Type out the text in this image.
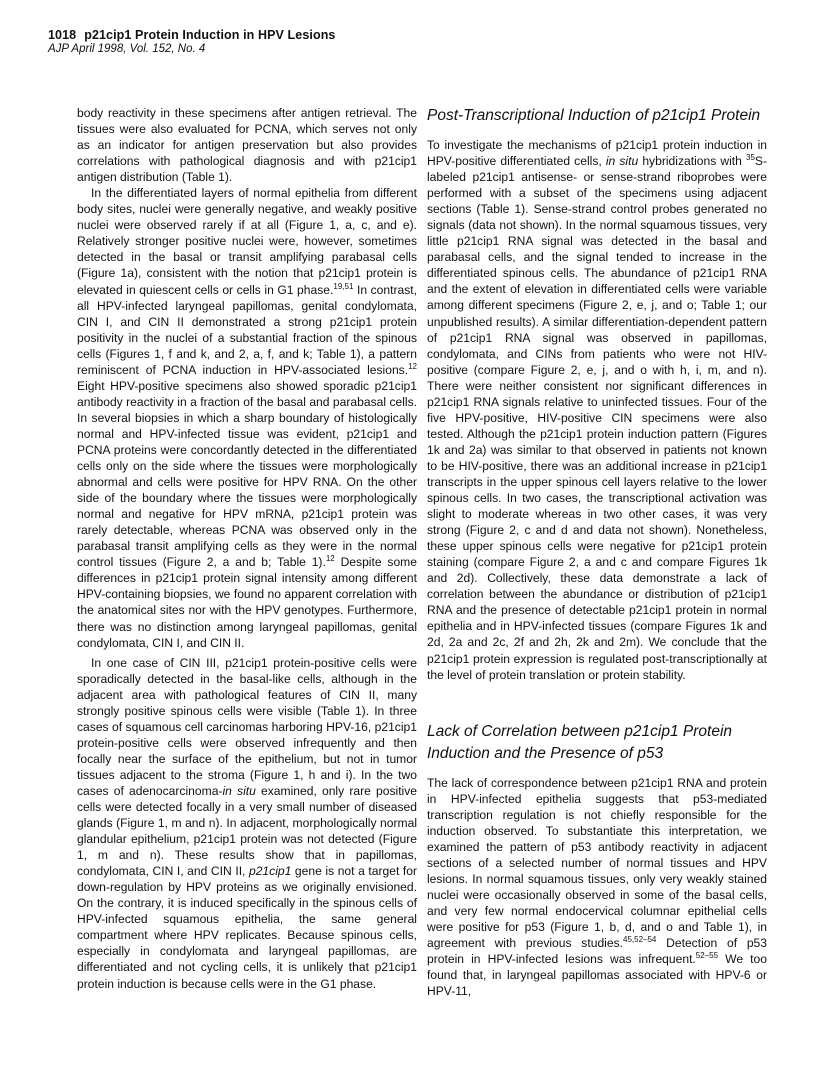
1018 p21cip1 Protein Induction in HPV Lesions
AJP April 1998, Vol. 152, No. 4

body reactivity in these specimens after antigen retrieval. The tissues were also evaluated for PCNA, which serves not only as an indicator for antigen preservation but also provides correlations with pathological diagnosis and with p21cip1 antigen distribution (Table 1).

In the differentiated layers of normal epithelia from different body sites, nuclei were generally negative, and weakly positive nuclei were observed rarely if at all (Figure 1, a, c, and e). Relatively stronger positive nuclei were, however, sometimes detected in the basal or transit amplifying parabasal cells (Figure 1a), consistent with the notion that p21cip1 protein is elevated in quiescent cells or cells in G1 phase.$^{19,51}$ In contrast, all HPV-infected laryngeal papillomas, genital condylomata, CIN I, and CIN II demonstrated a strong p21cip1 protein positivity in the nuclei of a substantial fraction of the spinous cells (Figures 1, f and k, and 2, a, f, and k; Table 1), a pattern reminiscent of PCNA induction in HPV-associated lesions.$^{12}$ Eight HPV-positive specimens also showed sporadic p21cip1 antibody reactivity in a fraction of the basal and parabasal cells. In several biopsies in which a sharp boundary of histologically normal and HPV-infected tissue was evident, p21cip1 and PCNA proteins were concordantly detected in the differentiated cells only on the side where the tissues were morphologically abnormal and cells were positive for HPV RNA. On the other side of the boundary where the tissues were morphologically normal and negative for HPV mRNA, p21cip1 protein was rarely detectable, whereas PCNA was observed only in the parabasal transit amplifying cells as they were in the normal control tissues (Figure 2, a and b; Table 1).$^{12}$ Despite some differences in p21cip1 protein signal intensity among different HPV-containing biopsies, we found no apparent correlation with the anatomical sites nor with the HPV genotypes. Furthermore, there was no distinction among laryngeal papillomas, genital condylomata, CIN I, and CIN II.

In one case of CIN III, p21cip1 protein-positive cells were sporadically detected in the basal-like cells, although in the adjacent area with pathological features of CIN II, many strongly positive spinous cells were visible (Table 1). In three cases of squamous cell carcinomas harboring HPV-16, p21cip1 protein-positive cells were observed infrequently and then focally near the surface of the epithelium, but not in tumor tissues adjacent to the stroma (Figure 1, h and i). In the two cases of adenocarcinoma-in situ examined, only rare positive cells were detected focally in a very small number of diseased glands (Figure 1, m and n). In adjacent, morphologically normal glandular epithelium, p21cip1 protein was not detected (Figure 1, m and n). These results show that in papillomas, condylomata, CIN I, and CIN II, p21cip1 gene is not a target for down-regulation by HPV proteins as we originally envisioned. On the contrary, it is induced specifically in the spinous cells of HPV-infected squamous epithelia, the same general compartment where HPV replicates. Because spinous cells, especially in condylomata and laryngeal papillomas, are differentiated and not cycling cells, it is unlikely that p21cip1 protein induction is because cells were in the G1 phase.

Post-Transcriptional Induction of p21cip1 Protein

To investigate the mechanisms of p21cip1 protein induction in HPV-positive differentiated cells, in situ hybridizations with $^{35}$S-labeled p21cip1 antisense- or sense-strand riboprobes were performed with a subset of the specimens using adjacent sections (Table 1). Sense-strand control probes generated no signals (data not shown). In the normal squamous tissues, very little p21cip1 RNA signal was detected in the basal and parabasal cells, and the signal tended to increase in the differentiated spinous cells. The abundance of p21cip1 RNA and the extent of elevation in differentiated cells were variable among different specimens (Figure 2, e, j, and o; Table 1; our unpublished results). A similar differentiation-dependent pattern of p21cip1 RNA signal was observed in papillomas, condylomata, and CINs from patients who were not HIV-positive (compare Figure 2, e, j, and o with h, i, m, and n). There were neither consistent nor significant differences in p21cip1 RNA signals relative to uninfected tissues. Four of the five HPV-positive, HIV-positive CIN specimens were also tested. Although the p21cip1 protein induction pattern (Figures 1k and 2a) was similar to that observed in patients not known to be HIV-positive, there was an additional increase in p21cip1 transcripts in the upper spinous cell layers relative to the lower spinous cells. In two cases, the transcriptional activation was slight to moderate whereas in two other cases, it was very strong (Figure 2, c and d and data not shown). Nonetheless, these upper spinous cells were negative for p21cip1 protein staining (compare Figure 2, a and c and compare Figures 1k and 2d). Collectively, these data demonstrate a lack of correlation between the abundance or distribution of p21cip1 RNA and the presence of detectable p21cip1 protein in normal epithelia and in HPV-infected tissues (compare Figures 1k and 2d, 2a and 2c, 2f and 2h, 2k and 2m). We conclude that the p21cip1 protein expression is regulated post-transcriptionally at the level of protein translation or protein stability.

Lack of Correlation between p21cip1 Protein Induction and the Presence of p53

The lack of correspondence between p21cip1 RNA and protein in HPV-infected epithelia suggests that p53-mediated transcription regulation is not chiefly responsible for the induction observed. To substantiate this interpretation, we examined the pattern of p53 antibody reactivity in adjacent sections of a selected number of normal tissues and HPV lesions. In normal squamous tissues, only very weakly stained nuclei were occasionally observed in some of the basal cells, and very few normal endocervical columnar epithelial cells were positive for p53 (Figure 1, b, d, and o and Table 1), in agreement with previous studies.$^{45,52-54}$ Detection of p53 protein in HPV-infected lesions was infrequent.$^{52-55}$ We too found that, in laryngeal papillomas associated with HPV-6 or HPV-11,
